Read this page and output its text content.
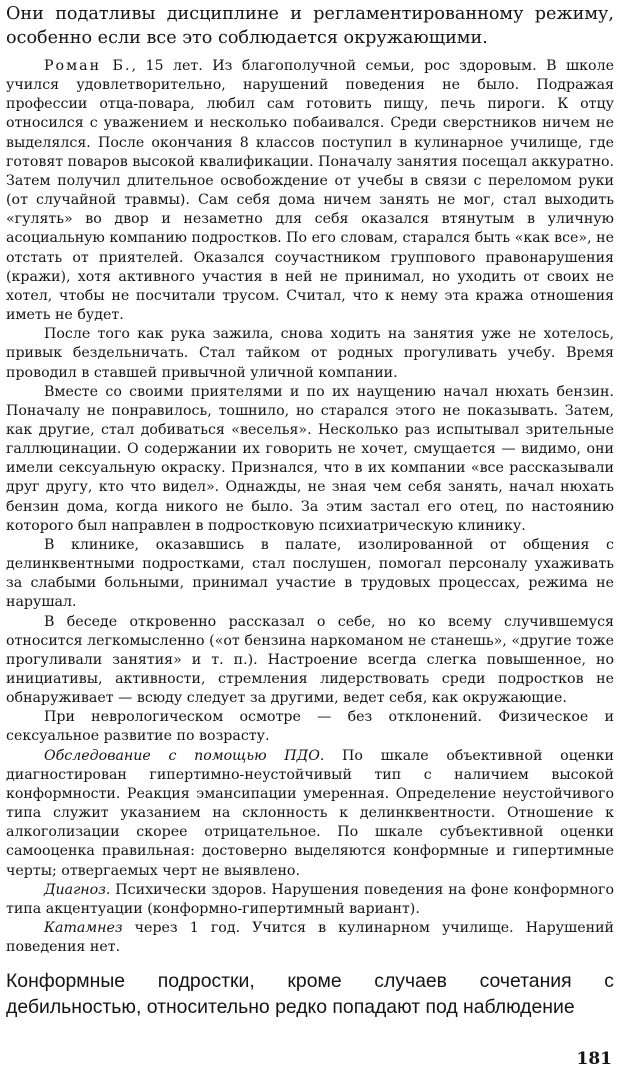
Они податливы дисциплине и регламентированному режиму, особенно если все это соблюдается окружающими.

Роман Б., 15 лет. Из благополучной семьи, рос здоровым. В школе учился удовлетворительно, нарушений поведения не было. Подражая профессии отца-повара, любил сам готовить пищу, печь пироги. К отцу относился с уважением и несколько побаивался. Среди сверстников ничем не выделялся. После окончания 8 классов поступил в кулинарное училище, где готовят поваров высокой квалификации. Поначалу занятия посещал аккуратно. Затем получил длительное освобождение от учебы в связи с переломом руки (от случайной травмы). Сам себя дома ничем занять не мог, стал выходить «гулять» во двор и незаметно для себя оказался втянутым в уличную асоциальную компанию подростков. По его словам, старался быть «как все», не отстать от приятелей. Оказался соучастником группового правонарушения (кражи), хотя активного участия в ней не принимал, но уходить от своих не хотел, чтобы не посчитали трусом. Считал, что к нему эта кража отношения иметь не будет.

После того как рука зажила, снова ходить на занятия уже не хотелось, привык бездельничать. Стал тайком от родных прогуливать учебу. Время проводил в ставшей привычной уличной компании.

Вместе со своими приятелями и по их наущению начал нюхать бензин. Поначалу не понравилось, тошнило, но старался этого не показывать. Затем, как другие, стал добиваться «веселья». Несколько раз испытывал зрительные галлюцинации. О содержании их говорить не хочет, смущается — видимо, они имели сексуальную окраску. Признался, что в их компании «все рассказывали друг другу, кто что видел». Однажды, не зная чем себя занять, начал нюхать бензин дома, когда никого не было. За этим застал его отец, по настоянию которого был направлен в подростковую психиатрическую клинику.

В клинике, оказавшись в палате, изолированной от общения с делинквентными подростками, стал послушен, помогал персоналу ухаживать за слабыми больными, принимал участие в трудовых процессах, режима не нарушал.

В беседе откровенно рассказал о себе, но ко всему случившемуся относится легкомысленно («от бензина наркоманом не станешь», «другие тоже прогуливали занятия» и т. п.). Настроение всегда слегка повышенное, но инициативы, активности, стремления лидерствовать среди подростков не обнаруживает — всюду следует за другими, ведет себя, как окружающие.

При неврологическом осмотре — без отклонений. Физическое и сексуальное развитие по возрасту.

Обследование с помощью ПДО. По шкале объективной оценки диагностирован гипертимно-неустойчивый тип с наличием высокой конформности. Реакция эмансипации умеренная. Определение неустойчивого типа служит указанием на склонность к делинквентности. Отношение к алкоголизации скорее отрицательное. По шкале субъективной оценки самооценка правильная: достоверно выделяются конформные и гипертимные черты; отвергаемых черт не выявлено.

Диагноз. Психически здоров. Нарушения поведения на фоне конформного типа акцентуации (конформно-гипертимный вариант).

Катамнез через 1 год. Учится в кулинарном училище. Нарушений поведения нет.

Конформные подростки, кроме случаев сочетания с дебильностью, относительно редко попадают под наблюдение

181
